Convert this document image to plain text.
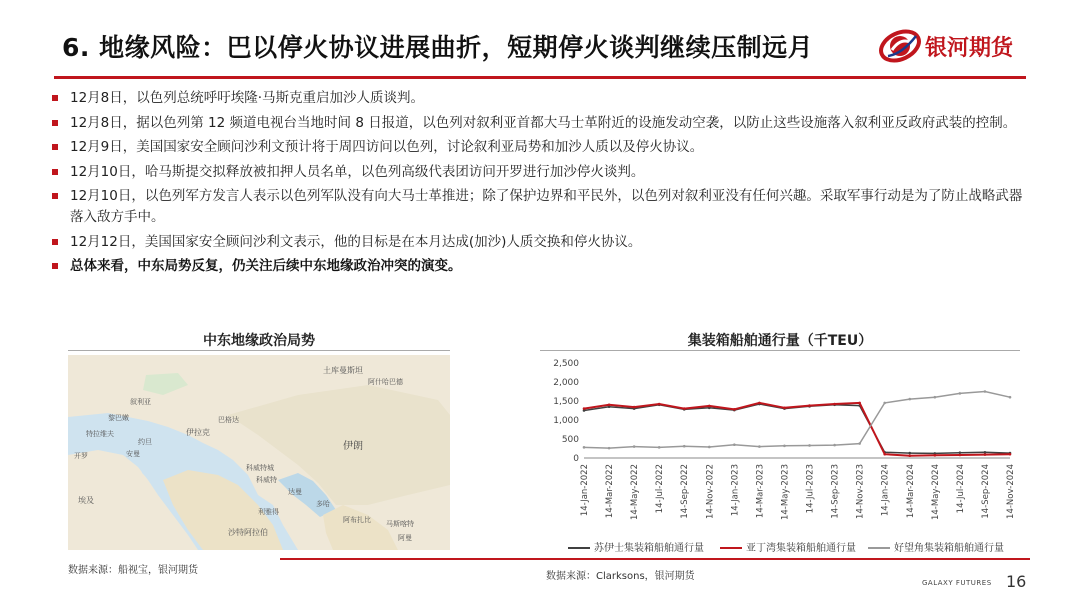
6. 地缘风险：巴以停火协议进展曲折，短期停火谈判继续压制远月	银河期货
12月8日，以色列总统呼吁埃隆·马斯克重启加沙人质谈判。
12月8日，据以色列第 12 频道电视台当地时间 8 日报道，以色列对叙利亚首都大马士革附近的设施发动空袭，以防止这些设施落入叙利亚反政府武装的控制。
12月9日，美国国家安全顾问沙利文预计将于周四访问以色列，讨论叙利亚局势和加沙人质以及停火协议。
12月10日，哈马斯提交拟释放被扣押人员名单，以色列高级代表团访问开罗进行加沙停火谈判。
12月10日，以色列军方发言人表示以色列军队没有向大马士革推进；除了保护边界和平民外，以色列对叙利亚没有任何兴趣。采取军事行动是为了防止战略武器落入敌方手中。
12月12日，美国国家安全顾问沙利文表示，他的目标是在本月达成(加沙)人质交换和停火协议。
总体来看，中东局势反复，仍关注后续中东地缘政治冲突的演变。
中东地缘政治局势
土库曼斯坦
阿什哈巴德
叙利亚
黎巴嫩	巴格达
伊拉克
伊朗
特拉维夫
约旦
安曼
开罗
埃及
科威特城
科威特
达曼
利雅得
多哈
阿布扎比
沙特阿拉伯
阿曼
马斯喀特
数据来源：船视宝，银河期货
集装箱船舶通行量（千TEU）
0
500
1,000
1,500
2,000
2,500
14-Jan-2022 14-Mar-2022 14-May-2022 14-Jul-2022 14-Sep-2022 14-Nov-2022 14-Jan-2023 14-Mar-2023 14-May-2023 14-Jul-2023 14-Sep-2023 14-Nov-2023 14-Jan-2024 14-Mar-2024 14-May-2024 14-Jul-2024 14-Sep-2024 14-Nov-2024
苏伊士集装箱船舶通行量	亚丁湾集装箱船舶通行量	好望角集装箱船舶通行量
数据来源：Clarksons，银河期货
GALAXY FUTURES 16
